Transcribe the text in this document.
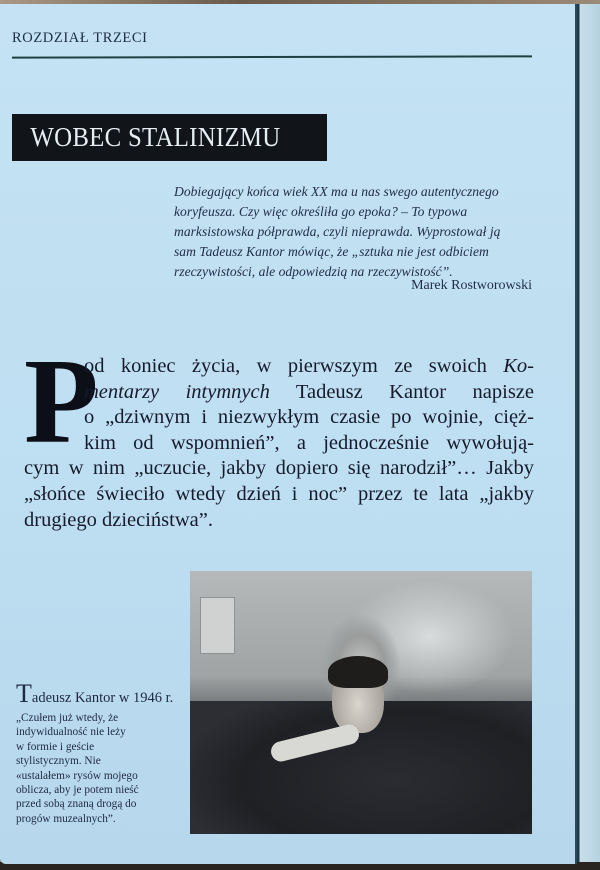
ROZDZIAŁ TRZECI
WOBEC STALINIZMU

Dobiegający końca wiek XX ma u nas swego autentycznego

koryfeusza. Czy więc określiła go epoka? – To typowa

marksistowska półprawda, czyli nieprawda. Wyprostował ją

sam Tadeusz Kantor mówiąc, że „sztuka nie jest odbiciem

rzeczywistości, ale odpowiedzią na rzeczywistość”.

Marek Rostworowski
P
od koniec życia, w pierwszym ze swoich Ko-
mentarzy intymnych Tadeusz Kantor napisze
o „dziwnym i niezwykłym czasie po wojnie, cięż-
kim od wspomnień”, a jednocześnie wywołują-
cym w nim „uczucie, jakby dopiero się narodził”… Jakby
„słońce świeciło wtedy dzień i noc” przez te lata „jakby
drugiego dzieciństwa”.
Tadeusz Kantor w 1946 r.
„Czułem już wtedy, że
indywidualność nie leży
w formie i geście
stylistycznym. Nie
«ustalałem» rysów mojego
oblicza, aby je potem nieść
przed sobą znaną drogą do
progów muzealnych”.
